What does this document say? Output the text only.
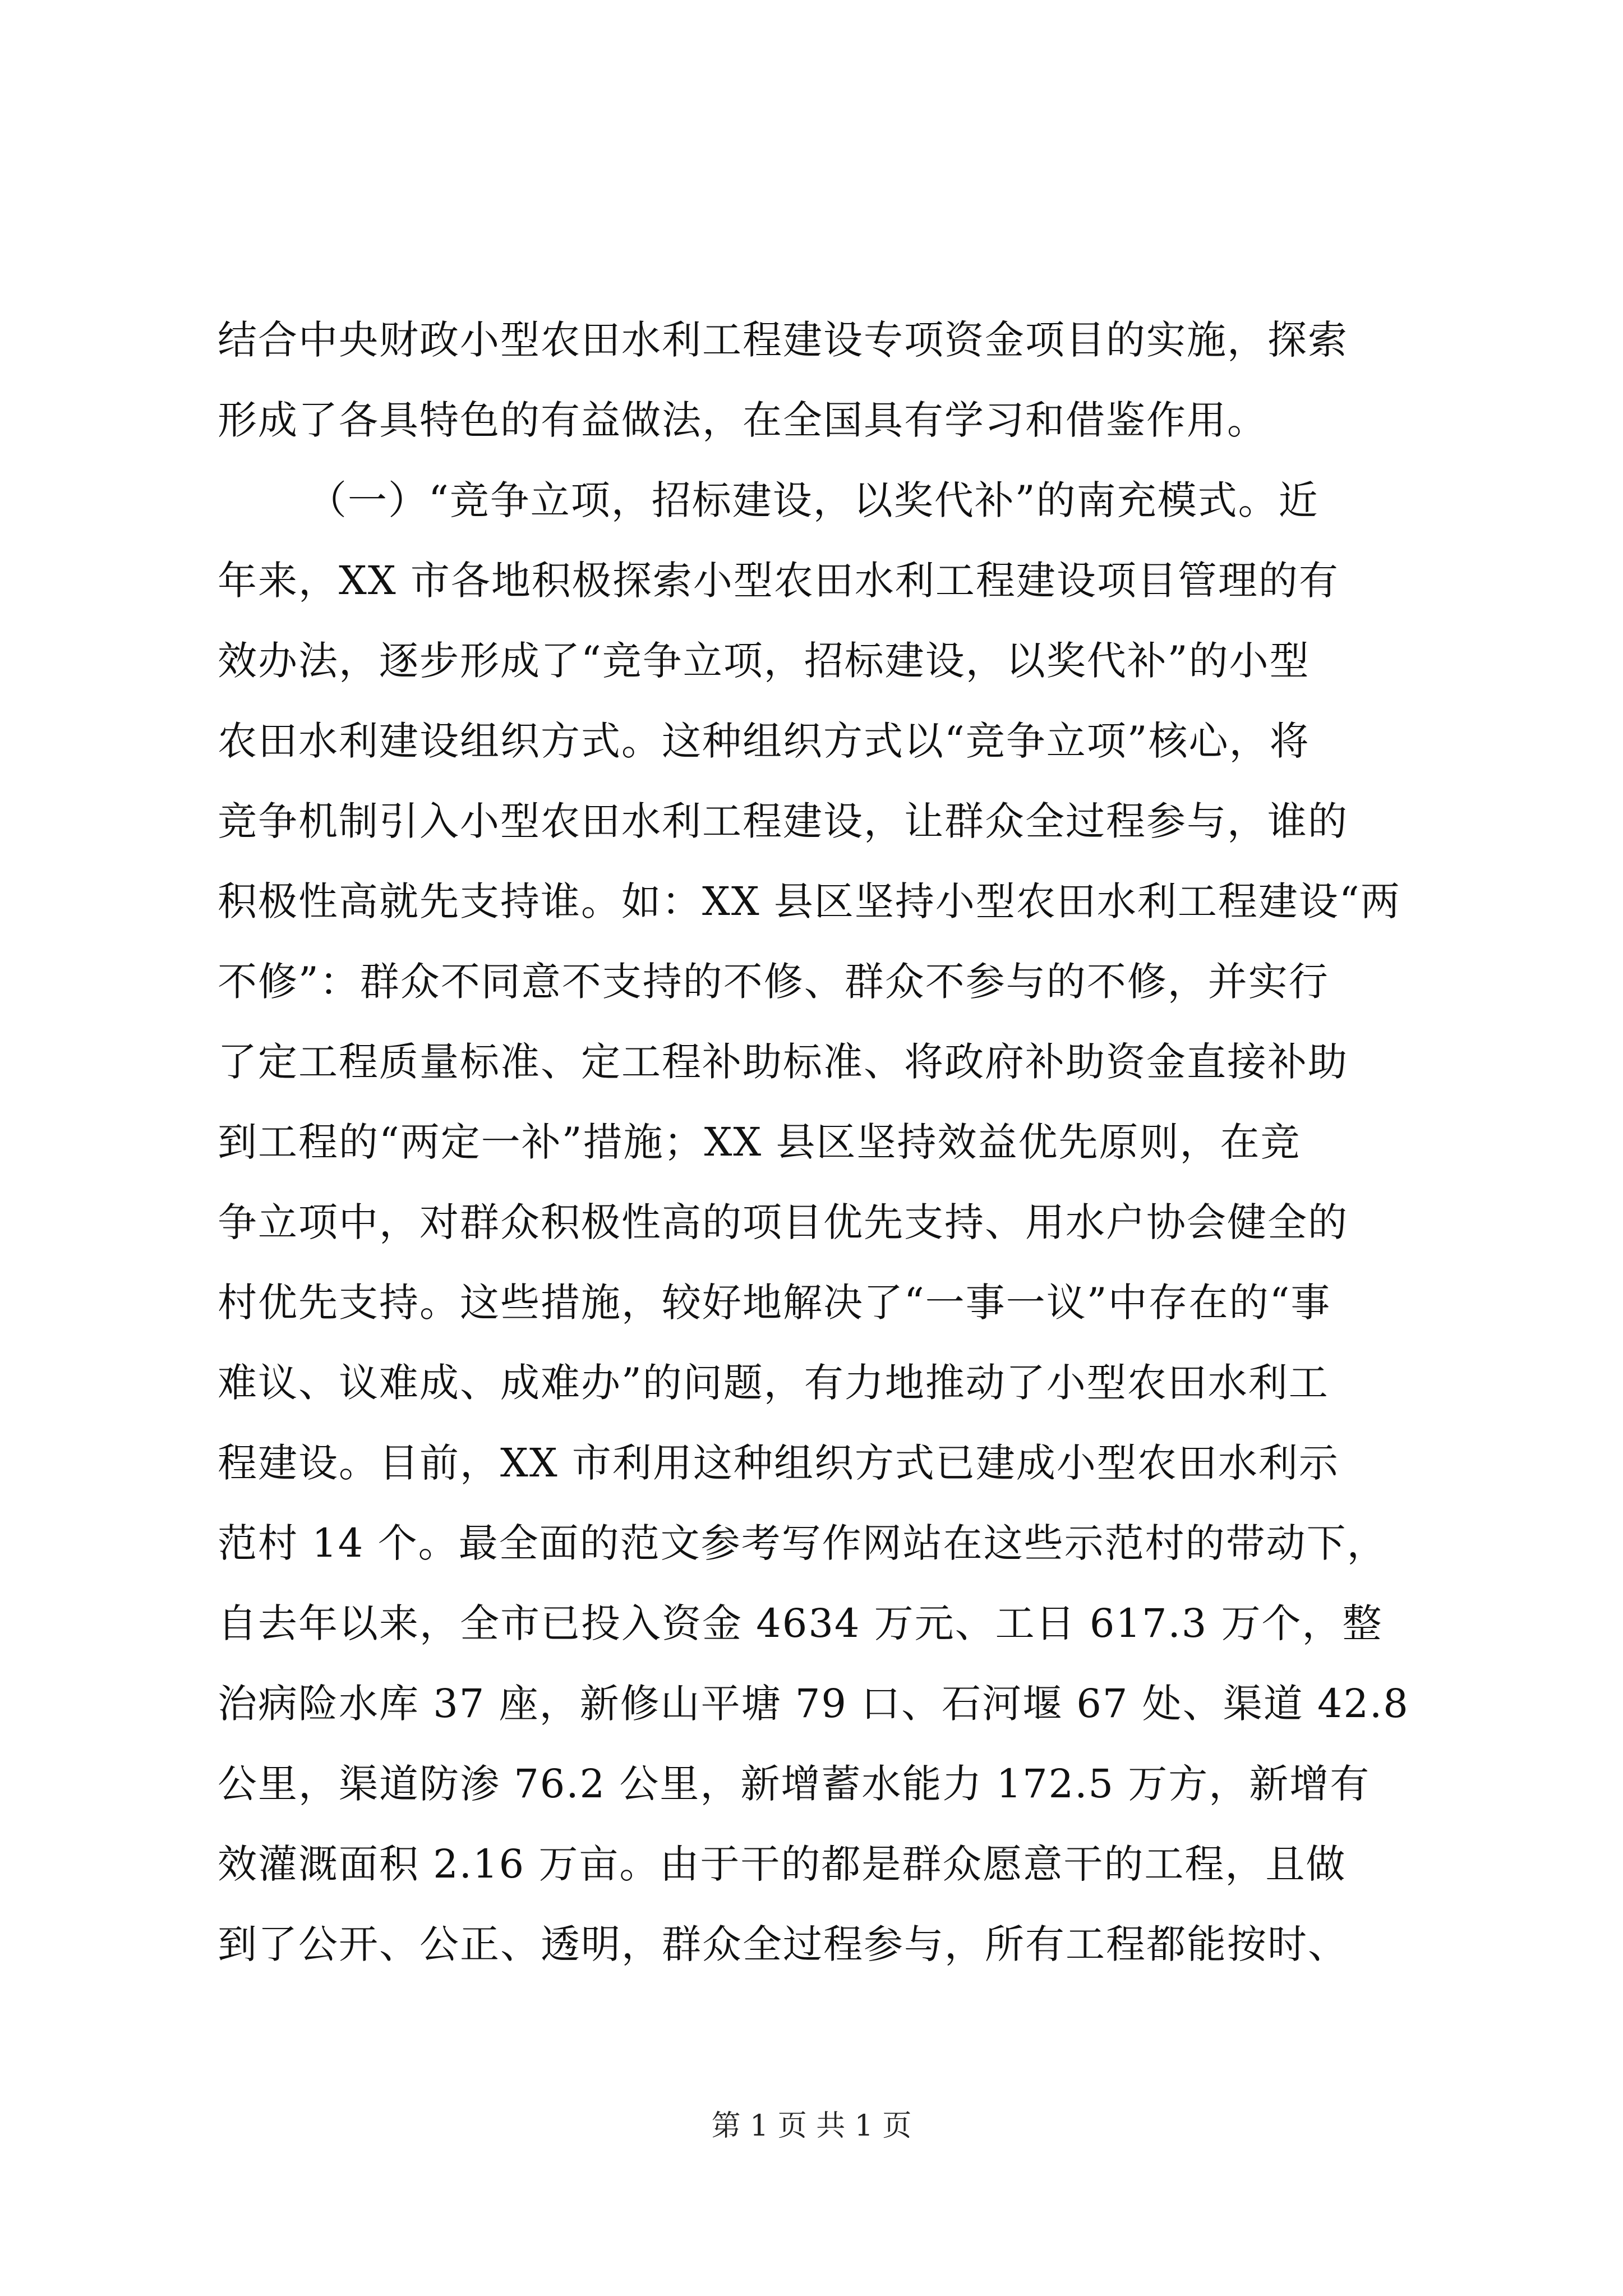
结合中央财政小型农田水利工程建设专项资金项目的实施，探索
形成了各具特色的有益做法，在全国具有学习和借鉴作用。
（一）“竞争立项，招标建设，以奖代补”的南充模式。近
年来，XX 市各地积极探索小型农田水利工程建设项目管理的有
效办法，逐步形成了“竞争立项，招标建设，以奖代补”的小型
农田水利建设组织方式。这种组织方式以“竞争立项”核心，将
竞争机制引入小型农田水利工程建设，让群众全过程参与，谁的
积极性高就先支持谁。如：XX 县区坚持小型农田水利工程建设“两
不修”：群众不同意不支持的不修、群众不参与的不修，并实行
了定工程质量标准、定工程补助标准、将政府补助资金直接补助
到工程的“两定一补”措施；XX 县区坚持效益优先原则，在竞
争立项中，对群众积极性高的项目优先支持、用水户协会健全的
村优先支持。这些措施，较好地解决了“一事一议”中存在的“事
难议、议难成、成难办”的问题，有力地推动了小型农田水利工
程建设。目前，XX 市利用这种组织方式已建成小型农田水利示
范村 14 个。最全面的范文参考写作网站在这些示范村的带动下，
自去年以来，全市已投入资金 4634 万元、工日 617.3 万个，整
治病险水库 37 座，新修山平塘 79 口、石河堰 67 处、渠道 42.8
公里，渠道防渗 76.2 公里，新增蓄水能力 172.5 万方，新增有
效灌溉面积 2.16 万亩。由于干的都是群众愿意干的工程，且做
到了公开、公正、透明，群众全过程参与，所有工程都能按时、
第 1 页 共 1 页
